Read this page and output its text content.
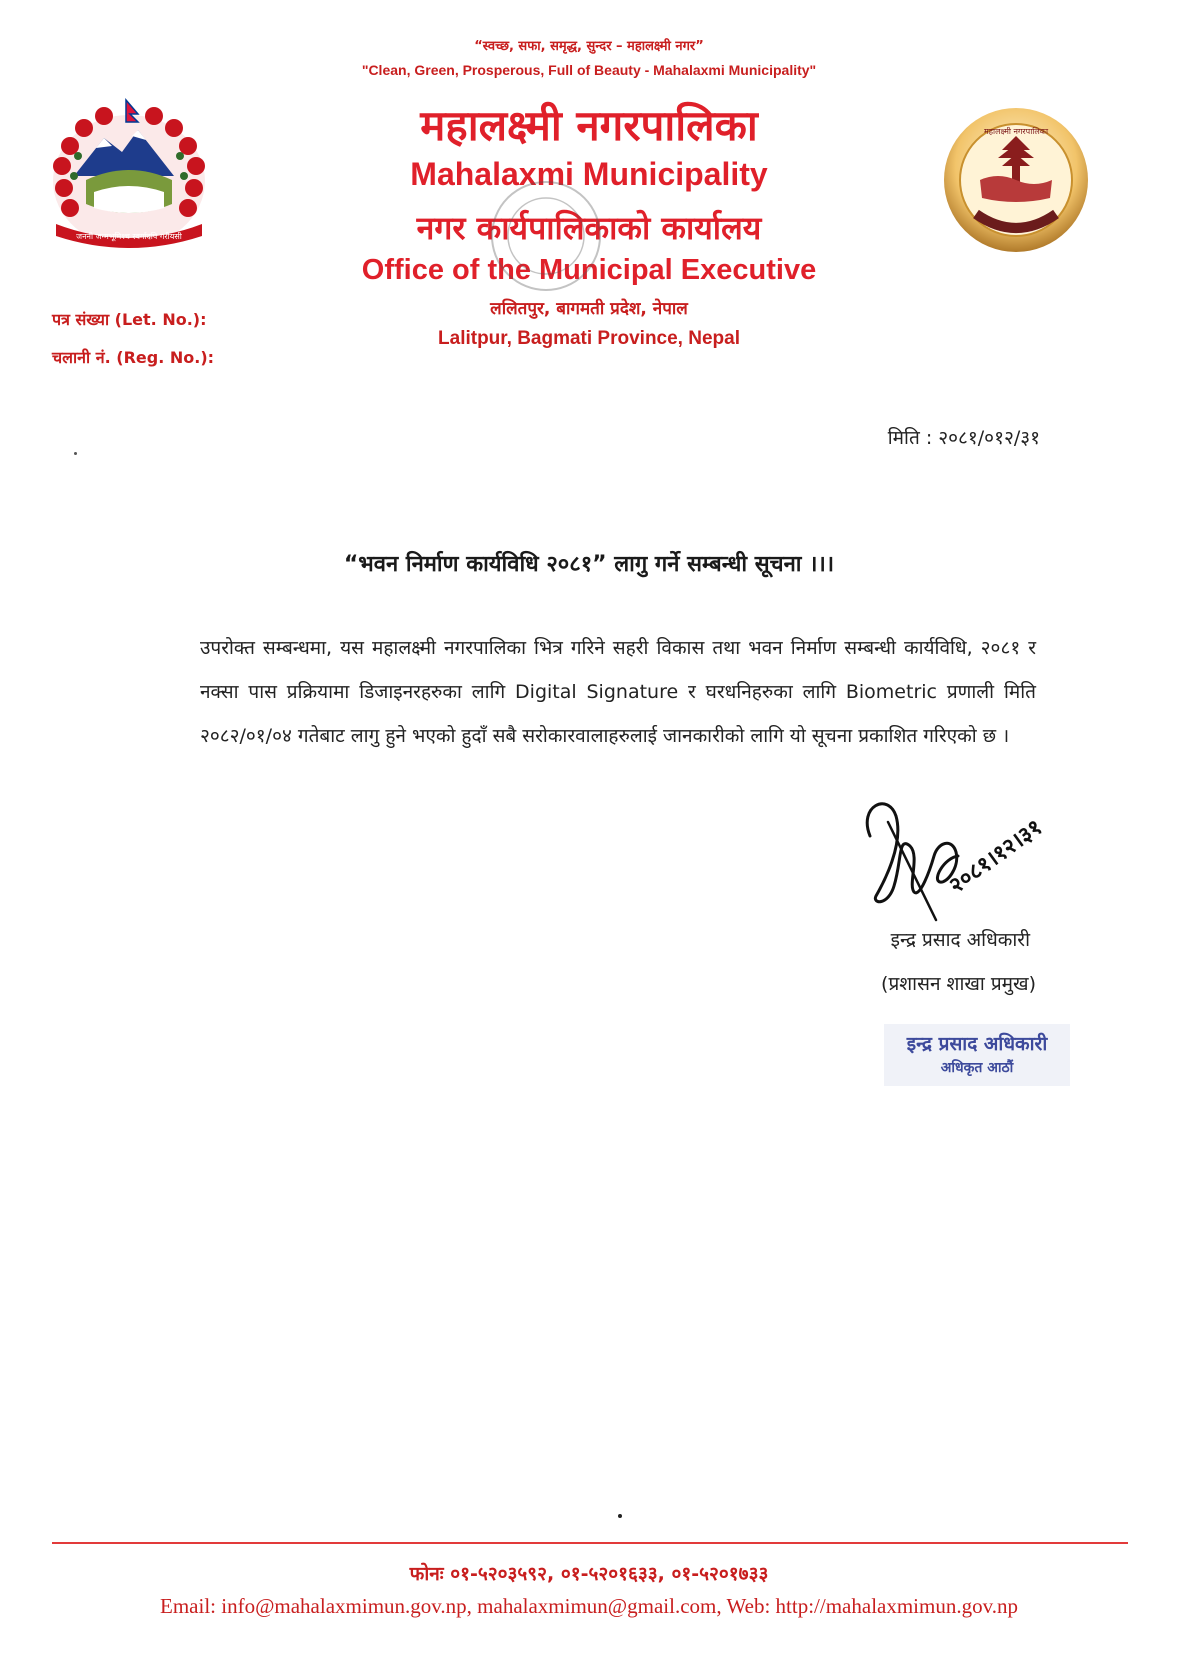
जननी जन्मभूमिश्च स्वर्गादपि गरीयसी
महालक्ष्मी नगरपालिका
“स्वच्छ, सफा, समृद्ध, सुन्दर – महालक्ष्मी नगर”
"Clean, Green, Prosperous, Full of Beauty - Mahalaxmi Municipality"
महालक्ष्मी नगरपालिका
Mahalaxmi Municipality
नगर कार्यपालिकाको कार्यालय
Office of the Municipal Executive
ललितपुर, बागमती प्रदेश, नेपाल
Lalitpur, Bagmati Province, Nepal
पत्र संख्या (Let. No.):
चलानी नं. (Reg. No.):
मिति : २०८१/०१२/३१
“भवन निर्माण कार्यविधि २०८१” लागु गर्ने सम्बन्धी सूचना ।।।
उपरोक्त सम्बन्धमा, यस महालक्ष्मी नगरपालिका भित्र गरिने सहरी विकास तथा भवन निर्माण सम्बन्धी कार्यविधि, २०८१ र नक्सा पास प्रक्रियामा डिजाइनरहरुका लागि Digital Signature र घरधनिहरुका लागि Biometric प्रणाली मिति २०८२/०१/०४ गतेबाट लागु हुने भएको हुदाँ सबै सरोकारवालाहरुलाई जानकारीको लागि यो सूचना प्रकाशित गरिएको छ ।
२०८१।१२।३१
इन्द्र प्रसाद अधिकारी
(प्रशासन शाखा प्रमुख)
इन्द्र प्रसाद अधिकारी
अधिकृत आठौं
फोनः ०१-५२०३५९२, ०१-५२०१६३३, ०१-५२०१७३३
Email: info@mahalaxmimun.gov.np, mahalaxmimun@gmail.com, Web: http://mahalaxmimun.gov.np
